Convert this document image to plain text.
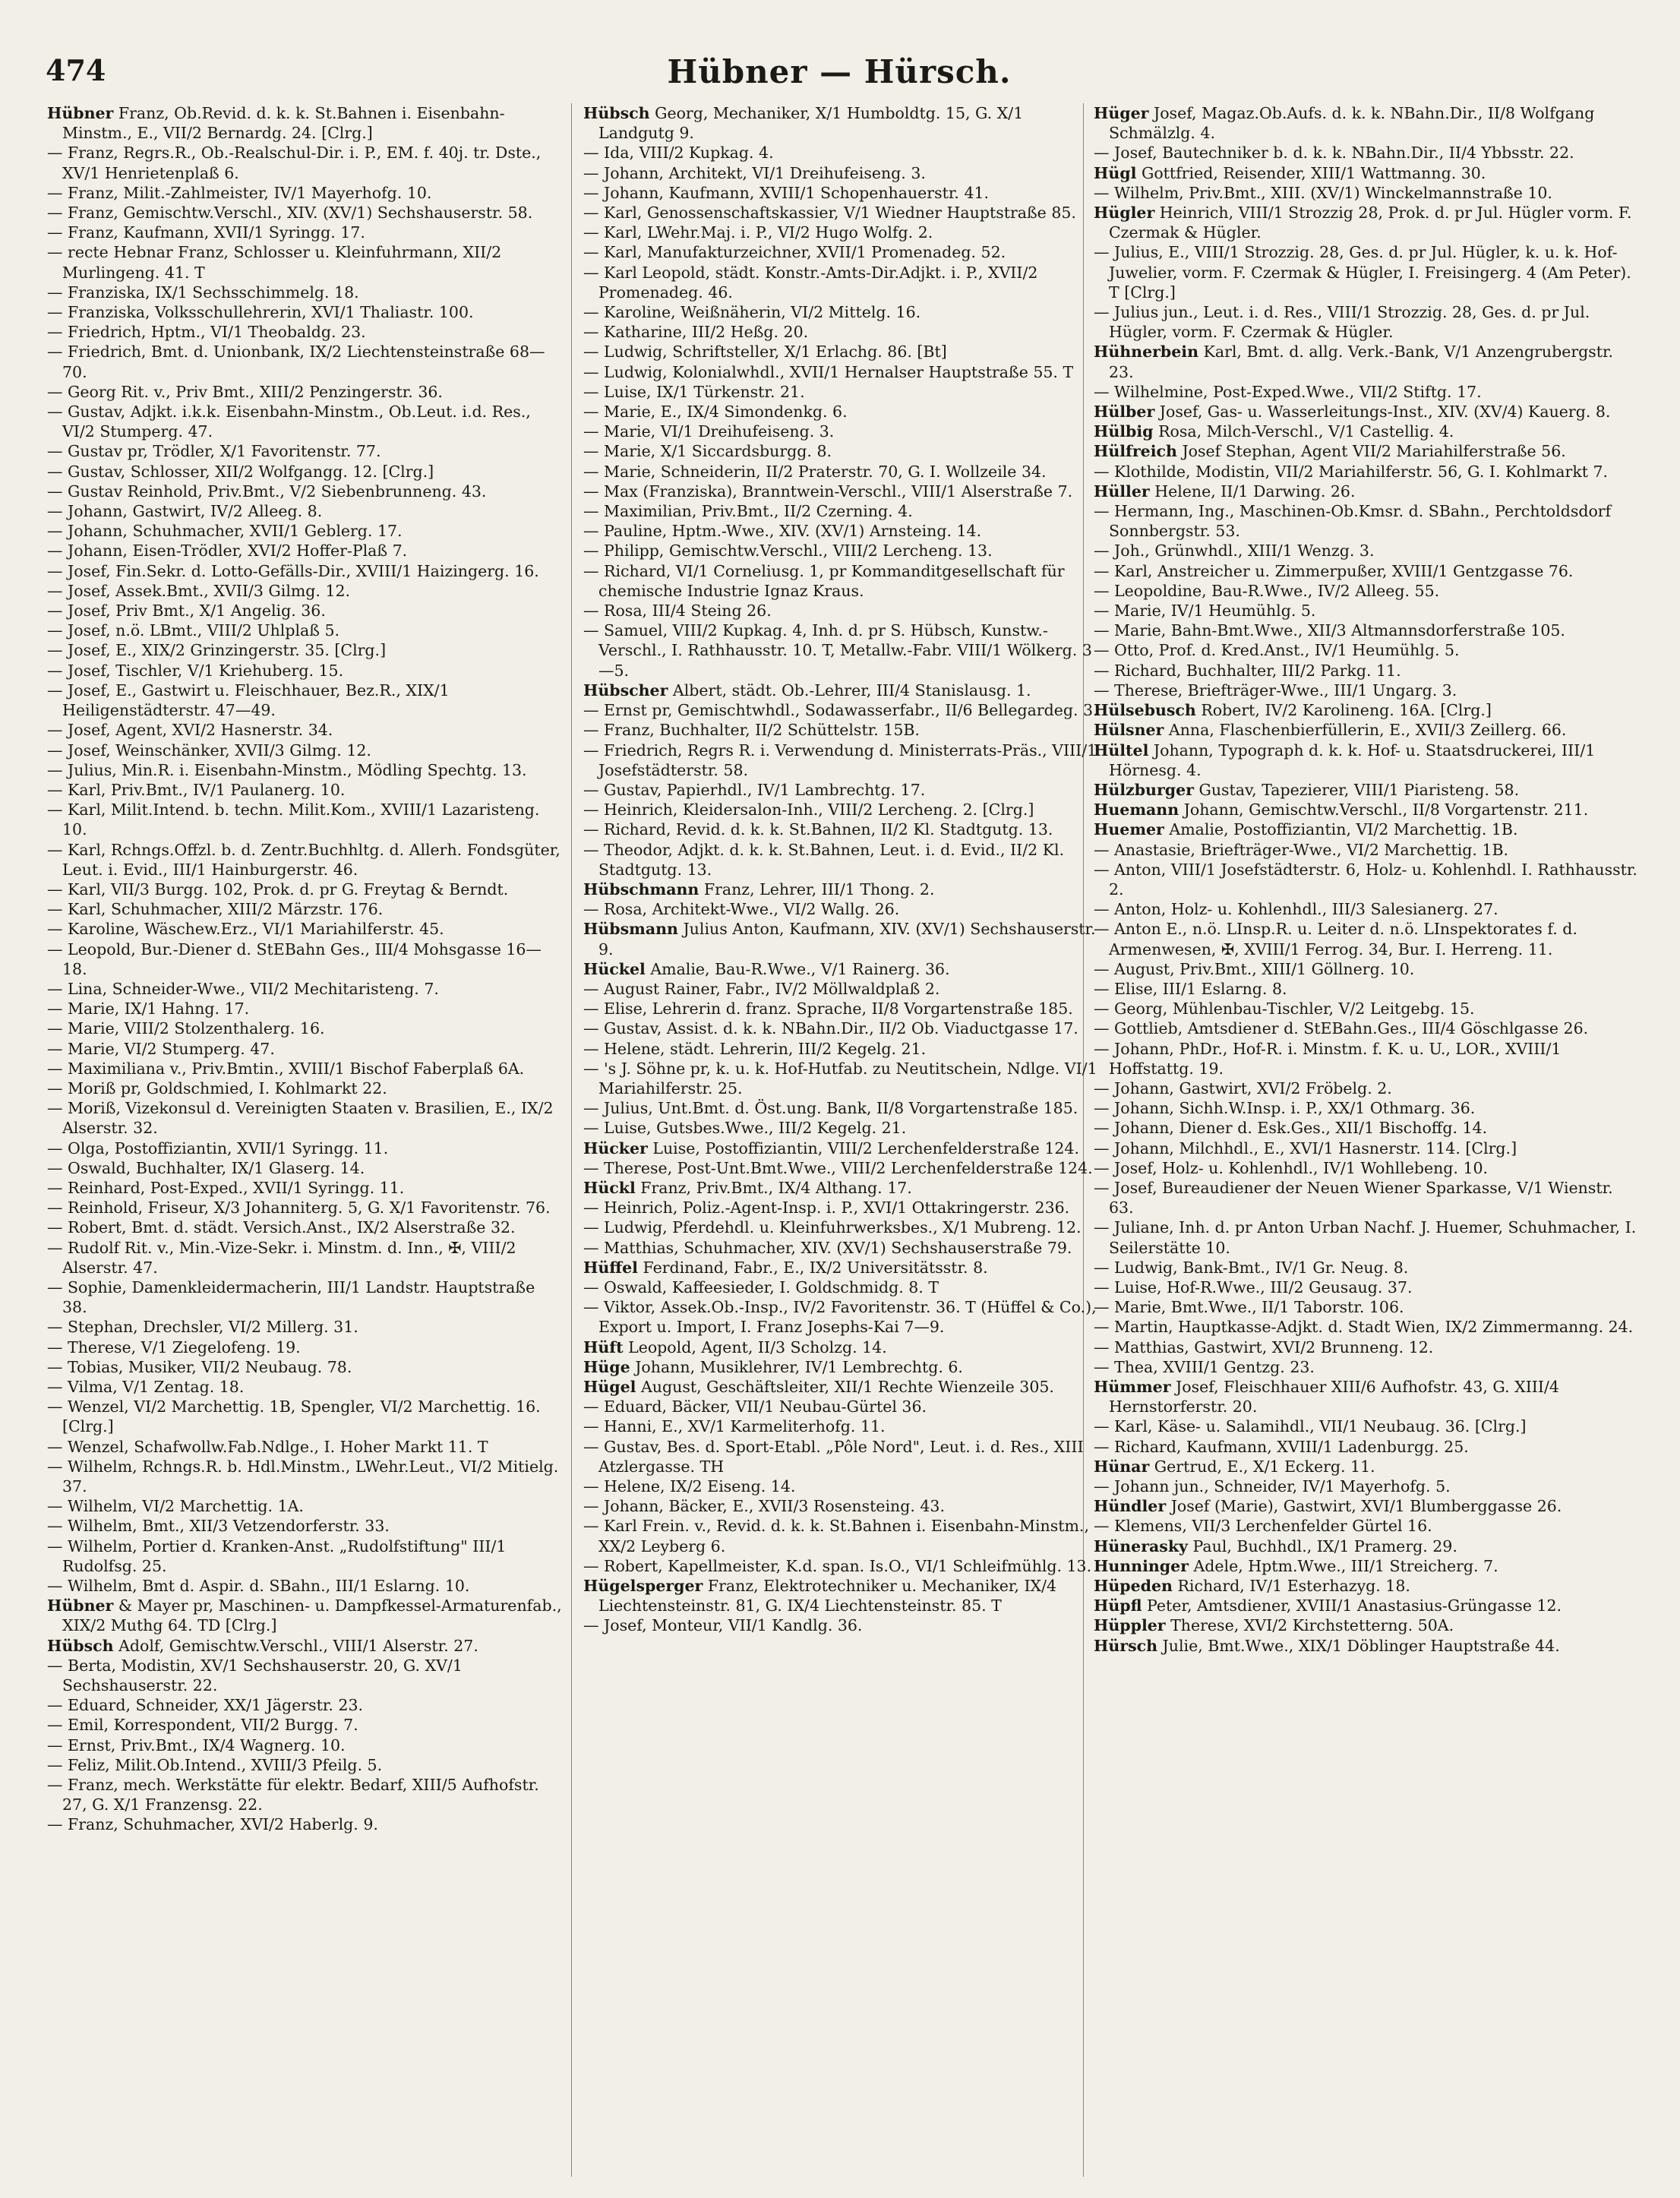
474	Hübner — Hürsch.
Hübner Franz, Ob.Revid. d. k. k. St.Bahnen i. Eisenbahn-Minstm., E., VII/2 Bernardg. 24. [Clrg.]
— Franz, Regrs.R., Ob.-Realschul-Dir. i. P., EM. f. 40j. tr. Dste., XV/1 Henrietenplaß 6.
— Franz, Milit.-Zahlmeister, IV/1 Mayerhofg. 10.
— Franz, Gemischtw.Verschl., XIV. (XV/1) Sechshauserstr. 58.
— Franz, Kaufmann, XVII/1 Syringg. 17.
— recte Hebnar Franz, Schlosser u. Kleinfuhrmann, XII/2 Murlingeng. 41. T
— Franziska, IX/1 Sechsschimmelg. 18.
— Franziska, Volksschullehrerin, XVI/1 Thaliastr. 100.
— Friedrich, Hptm., VI/1 Theobaldg. 23.
— Friedrich, Bmt. d. Unionbank, IX/2 Liechtensteinstraße 68—70.
— Georg Rit. v., Priv Bmt., XIII/2 Penzingerstr. 36.
— Gustav, Adjkt. i.k.k. Eisenbahn-Minstm., Ob.Leut. i.d. Res., VI/2 Stumperg. 47.
— Gustav pr, Trödler, X/1 Favoritenstr. 77.
— Gustav, Schlosser, XII/2 Wolfgangg. 12. [Clrg.]
— Gustav Reinhold, Priv.Bmt., V/2 Siebenbrunneng. 43.
— Johann, Gastwirt, IV/2 Alleeg. 8.
— Johann, Schuhmacher, XVII/1 Geblerg. 17.
— Johann, Eisen-Trödler, XVI/2 Hoffer-Plaß 7.
— Josef, Fin.Sekr. d. Lotto-Gefälls-Dir., XVIII/1 Haizingerg. 16.
— Josef, Assek.Bmt., XVII/3 Gilmg. 12.
— Josef, Priv Bmt., X/1 Angelig. 36.
— Josef, n.ö. LBmt., VIII/2 Uhlplaß 5.
— Josef, E., XIX/2 Grinzingerstr. 35. [Clrg.]
— Josef, Tischler, V/1 Kriehuberg. 15.
— Josef, E., Gastwirt u. Fleischhauer, Bez.R., XIX/1 Heiligenstädterstr. 47—49.
— Josef, Agent, XVI/2 Hasnerstr. 34.
— Josef, Weinschänker, XVII/3 Gilmg. 12.
— Julius, Min.R. i. Eisenbahn-Minstm., Mödling Spechtg. 13.
— Karl, Priv.Bmt., IV/1 Paulanerg. 10.
— Karl, Milit.Intend. b. techn. Milit.Kom., XVIII/1 Lazaristeng. 10.
— Karl, Rchngs.Offzl. b. d. Zentr.Buchhltg. d. Allerh. Fondsgüter, Leut. i. Evid., III/1 Hainburgerstr. 46.
— Karl, VII/3 Burgg. 102, Prok. d. pr G. Freytag & Berndt.
— Karl, Schuhmacher, XIII/2 Märzstr. 176.
— Karoline, Wäschew.Erz., VI/1 Mariahilferstr. 45.
— Leopold, Bur.-Diener d. StEBahn Ges., III/4 Mohsgasse 16—18.
— Lina, Schneider-Wwe., VII/2 Mechitaristeng. 7.
— Marie, IX/1 Hahng. 17.
— Marie, VIII/2 Stolzenthalerg. 16.
— Marie, VI/2 Stumperg. 47.
— Maximiliana v., Priv.Bmtin., XVIII/1 Bischof Faberplaß 6A.
— Moriß pr, Goldschmied, I. Kohlmarkt 22.
— Moriß, Vizekonsul d. Vereinigten Staaten v. Brasilien, E., IX/2 Alserstr. 32.
— Olga, Postoffiziantin, XVII/1 Syringg. 11.
— Oswald, Buchhalter, IX/1 Glaserg. 14.
— Reinhard, Post-Exped., XVII/1 Syringg. 11.
— Reinhold, Friseur, X/3 Johanniterg. 5, G. X/1 Favoritenstr. 76.
— Robert, Bmt. d. städt. Versich.Anst., IX/2 Alserstraße 32.
— Rudolf Rit. v., Min.-Vize-Sekr. i. Minstm. d. Inn., ✠, VIII/2 Alserstr. 47.
— Sophie, Damenkleidermacherin, III/1 Landstr. Hauptstraße 38.
— Stephan, Drechsler, VI/2 Millerg. 31.
— Therese, V/1 Ziegelofeng. 19.
— Tobias, Musiker, VII/2 Neubaug. 78.
— Vilma, V/1 Zentag. 18.
— Wenzel, VI/2 Marchettig. 1B, Spengler, VI/2 Marchettig. 16. [Clrg.]
— Wenzel, Schafwollw.Fab.Ndlge., I. Hoher Markt 11. T
— Wilhelm, Rchngs.R. b. Hdl.Minstm., LWehr.Leut., VI/2 Mitielg. 37.
— Wilhelm, VI/2 Marchettig. 1A.
— Wilhelm, Bmt., XII/3 Vetzendorferstr. 33.
— Wilhelm, Portier d. Kranken-Anst. „Rudolfstiftung" III/1 Rudolfsg. 25.
— Wilhelm, Bmt d. Aspir. d. SBahn., III/1 Eslarng. 10.
Hübner & Mayer pr, Maschinen- u. Dampfkessel-Armaturenfab., XIX/2 Muthg 64. TD [Clrg.]
Hübsch Adolf, Gemischtw.Verschl., VIII/1 Alserstr. 27.
— Berta, Modistin, XV/1 Sechshauserstr. 20, G. XV/1 Sechshauserstr. 22.
— Eduard, Schneider, XX/1 Jägerstr. 23.
— Emil, Korrespondent, VII/2 Burgg. 7.
— Ernst, Priv.Bmt., IX/4 Wagnerg. 10.
— Feliz, Milit.Ob.Intend., XVIII/3 Pfeilg. 5.
— Franz, mech. Werkstätte für elektr. Bedarf, XIII/5 Aufhofstr. 27, G. X/1 Franzensg. 22.
— Franz, Schuhmacher, XVI/2 Haberlg. 9.
Hübsch Georg, Mechaniker, X/1 Humboldtg. 15, G. X/1 Landgutg 9.
— Ida, VIII/2 Kupkag. 4.
— Johann, Architekt, VI/1 Dreihufeiseng. 3.
— Johann, Kaufmann, XVIII/1 Schopenhauerstr. 41.
— Karl, Genossenschaftskassier, V/1 Wiedner Hauptstraße 85.
— Karl, LWehr.Maj. i. P., VI/2 Hugo Wolfg. 2.
— Karl, Manufakturzeichner, XVII/1 Promenadeg. 52.
— Karl Leopold, städt. Konstr.-Amts-Dir.Adjkt. i. P., XVII/2 Promenadeg. 46.
— Karoline, Weißnäherin, VI/2 Mittelg. 16.
— Katharine, III/2 Heßg. 20.
— Ludwig, Schriftsteller, X/1 Erlachg. 86. [Bt]
— Ludwig, Kolonialwhdl., XVII/1 Hernalser Hauptstraße 55. T
— Luise, IX/1 Türkenstr. 21.
— Marie, E., IX/4 Simondenkg. 6.
— Marie, VI/1 Dreihufeiseng. 3.
— Marie, X/1 Siccardsburgg. 8.
— Marie, Schneiderin, II/2 Praterstr. 70, G. I. Wollzeile 34.
— Max (Franziska), Branntwein-Verschl., VIII/1 Alserstraße 7.
— Maximilian, Priv.Bmt., II/2 Czerning. 4.
— Pauline, Hptm.-Wwe., XIV. (XV/1) Arnsteing. 14.
— Philipp, Gemischtw.Verschl., VIII/2 Lercheng. 13.
— Richard, VI/1 Corneliusg. 1, pr Kommanditgesellschaft für chemische Industrie Ignaz Kraus.
— Rosa, III/4 Steing 26.
— Samuel, VIII/2 Kupkag. 4, Inh. d. pr S. Hübsch, Kunstw.-Verschl., I. Rathhausstr. 10. T, Metallw.-Fabr. VIII/1 Wölkerg. 3—5.
Hübscher Albert, städt. Ob.-Lehrer, III/4 Stanislausg. 1.
— Ernst pr, Gemischtwhdl., Sodawasserfabr., II/6 Bellegardeg. 3.
— Franz, Buchhalter, II/2 Schüttelstr. 15B.
— Friedrich, Regrs R. i. Verwendung d. Ministerrats-Präs., VIII/1 Josefstädterstr. 58.
— Gustav, Papierhdl., IV/1 Lambrechtg. 17.
— Heinrich, Kleidersalon-Inh., VIII/2 Lercheng. 2. [Clrg.]
— Richard, Revid. d. k. k. St.Bahnen, II/2 Kl. Stadtgutg. 13.
— Theodor, Adjkt. d. k. k. St.Bahnen, Leut. i. d. Evid., II/2 Kl. Stadtgutg. 13.
Hübschmann Franz, Lehrer, III/1 Thong. 2.
— Rosa, Architekt-Wwe., VI/2 Wallg. 26.
Hübsmann Julius Anton, Kaufmann, XIV. (XV/1) Sechshauserstr. 9.
Hückel Amalie, Bau-R.Wwe., V/1 Rainerg. 36.
— August Rainer, Fabr., IV/2 Möllwaldplaß 2.
— Elise, Lehrerin d. franz. Sprache, II/8 Vorgartenstraße 185.
— Gustav, Assist. d. k. k. NBahn.Dir., II/2 Ob. Viaductgasse 17.
— Helene, städt. Lehrerin, III/2 Kegelg. 21.
— 's J. Söhne pr, k. u. k. Hof-Hutfab. zu Neutitschein, Ndlge. VI/1 Mariahilferstr. 25.
— Julius, Unt.Bmt. d. Öst.ung. Bank, II/8 Vorgartenstraße 185.
— Luise, Gutsbes.Wwe., III/2 Kegelg. 21.
Hücker Luise, Postoffiziantin, VIII/2 Lerchenfelderstraße 124.
— Therese, Post-Unt.Bmt.Wwe., VIII/2 Lerchenfelderstraße 124.
Hückl Franz, Priv.Bmt., IX/4 Althang. 17.
— Heinrich, Poliz.-Agent-Insp. i. P., XVI/1 Ottakringerstr. 236.
— Ludwig, Pferdehdl. u. Kleinfuhrwerksbes., X/1 Mubreng. 12.
— Matthias, Schuhmacher, XIV. (XV/1) Sechshauserstraße 79.
Hüffel Ferdinand, Fabr., E., IX/2 Universitätsstr. 8.
— Oswald, Kaffeesieder, I. Goldschmidg. 8. T
— Viktor, Assek.Ob.-Insp., IV/2 Favoritenstr. 36. T (Hüffel & Co.), Export u. Import, I. Franz Josephs-Kai 7—9.
Hüft Leopold, Agent, II/3 Scholzg. 14.
Hüge Johann, Musiklehrer, IV/1 Lembrechtg. 6.
Hügel August, Geschäftsleiter, XII/1 Rechte Wienzeile 305.
— Eduard, Bäcker, VII/1 Neubau-Gürtel 36.
— Hanni, E., XV/1 Karmeliterhofg. 11.
— Gustav, Bes. d. Sport-Etabl. „Pôle Nord", Leut. i. d. Res., XIII Atzlergasse. TH
— Helene, IX/2 Eiseng. 14.
— Johann, Bäcker, E., XVII/3 Rosensteing. 43.
— Karl Frein. v., Revid. d. k. k. St.Bahnen i. Eisenbahn-Minstm., XX/2 Leyberg 6.
— Robert, Kapellmeister, K.d. span. Is.O., VI/1 Schleifmühlg. 13.
Hügelsperger Franz, Elektrotechniker u. Mechaniker, IX/4 Liechtensteinstr. 81, G. IX/4 Liechtensteinstr. 85. T
— Josef, Monteur, VII/1 Kandlg. 36.
Hüger Josef, Magaz.Ob.Aufs. d. k. k. NBahn.Dir., II/8 Wolfgang Schmälzlg. 4.
— Josef, Bautechniker b. d. k. k. NBahn.Dir., II/4 Ybbsstr. 22.
Hügl Gottfried, Reisender, XIII/1 Wattmanng. 30.
— Wilhelm, Priv.Bmt., XIII. (XV/1) Winckelmannstraße 10.
Hügler Heinrich, VIII/1 Strozzig 28, Prok. d. pr Jul. Hügler vorm. F. Czermak & Hügler.
— Julius, E., VIII/1 Strozzig. 28, Ges. d. pr Jul. Hügler, k. u. k. Hof-Juwelier, vorm. F. Czermak & Hügler, I. Freisingerg. 4 (Am Peter). T [Clrg.]
— Julius jun., Leut. i. d. Res., VIII/1 Strozzig. 28, Ges. d. pr Jul. Hügler, vorm. F. Czermak & Hügler.
Hühnerbein Karl, Bmt. d. allg. Verk.-Bank, V/1 Anzengrubergstr. 23.
— Wilhelmine, Post-Exped.Wwe., VII/2 Stiftg. 17.
Hülber Josef, Gas- u. Wasserleitungs-Inst., XIV. (XV/4) Kauerg. 8.
Hülbig Rosa, Milch-Verschl., V/1 Castellig. 4.
Hülfreich Josef Stephan, Agent VII/2 Mariahilferstraße 56.
— Klothilde, Modistin, VII/2 Mariahilferstr. 56, G. I. Kohlmarkt 7.
Hüller Helene, II/1 Darwing. 26.
— Hermann, Ing., Maschinen-Ob.Kmsr. d. SBahn., Perchtoldsdorf Sonnbergstr. 53.
— Joh., Grünwhdl., XIII/1 Wenzg. 3.
— Karl, Anstreicher u. Zimmerpußer, XVIII/1 Gentzgasse 76.
— Leopoldine, Bau-R.Wwe., IV/2 Alleeg. 55.
— Marie, IV/1 Heumühlg. 5.
— Marie, Bahn-Bmt.Wwe., XII/3 Altmannsdorferstraße 105.
— Otto, Prof. d. Kred.Anst., IV/1 Heumühlg. 5.
— Richard, Buchhalter, III/2 Parkg. 11.
— Therese, Briefträger-Wwe., III/1 Ungarg. 3.
Hülsebusch Robert, IV/2 Karolineng. 16A. [Clrg.]
Hülsner Anna, Flaschenbierfüllerin, E., XVII/3 Zeillerg. 66.
Hültel Johann, Typograph d. k. k. Hof- u. Staatsdruckerei, III/1 Hörnesg. 4.
Hülzburger Gustav, Tapezierer, VIII/1 Piaristeng. 58.
Huemann Johann, Gemischtw.Verschl., II/8 Vorgartenstr. 211.
Huemer Amalie, Postoffiziantin, VI/2 Marchettig. 1B.
— Anastasie, Briefträger-Wwe., VI/2 Marchettig. 1B.
— Anton, VIII/1 Josefstädterstr. 6, Holz- u. Kohlenhdl. I. Rathhausstr. 2.
— Anton, Holz- u. Kohlenhdl., III/3 Salesianerg. 27.
— Anton E., n.ö. LInsp.R. u. Leiter d. n.ö. LInspektorates f. d. Armenwesen, ✠, XVIII/1 Ferrog. 34, Bur. I. Herreng. 11.
— August, Priv.Bmt., XIII/1 Göllnerg. 10.
— Elise, III/1 Eslarng. 8.
— Georg, Mühlenbau-Tischler, V/2 Leitgebg. 15.
— Gottlieb, Amtsdiener d. StEBahn.Ges., III/4 Göschlgasse 26.
— Johann, PhDr., Hof-R. i. Minstm. f. K. u. U., LOR., XVIII/1 Hoffstattg. 19.
— Johann, Gastwirt, XVI/2 Fröbelg. 2.
— Johann, Sichh.W.Insp. i. P., XX/1 Othmarg. 36.
— Johann, Diener d. Esk.Ges., XII/1 Bischoffg. 14.
— Johann, Milchhdl., E., XVI/1 Hasnerstr. 114. [Clrg.]
— Josef, Holz- u. Kohlenhdl., IV/1 Wohllebeng. 10.
— Josef, Bureaudiener der Neuen Wiener Sparkasse, V/1 Wienstr. 63.
— Juliane, Inh. d. pr Anton Urban Nachf. J. Huemer, Schuhmacher, I. Seilerstätte 10.
— Ludwig, Bank-Bmt., IV/1 Gr. Neug. 8.
— Luise, Hof-R.Wwe., III/2 Geusaug. 37.
— Marie, Bmt.Wwe., II/1 Taborstr. 106.
— Martin, Hauptkasse-Adjkt. d. Stadt Wien, IX/2 Zimmermanng. 24.
— Matthias, Gastwirt, XVI/2 Brunneng. 12.
— Thea, XVIII/1 Gentzg. 23.
Hümmer Josef, Fleischhauer XIII/6 Aufhofstr. 43, G. XIII/4 Hernstorferstr. 20.
— Karl, Käse- u. Salamihdl., VII/1 Neubaug. 36. [Clrg.]
— Richard, Kaufmann, XVIII/1 Ladenburgg. 25.
Hünar Gertrud, E., X/1 Eckerg. 11.
— Johann jun., Schneider, IV/1 Mayerhofg. 5.
Hündler Josef (Marie), Gastwirt, XVI/1 Blumberggasse 26.
— Klemens, VII/3 Lerchenfelder Gürtel 16.
Hünerasky Paul, Buchhdl., IX/1 Pramerg. 29.
Hunninger Adele, Hptm.Wwe., III/1 Streicherg. 7.
Hüpeden Richard, IV/1 Esterhazyg. 18.
Hüpfl Peter, Amtsdiener, XVIII/1 Anastasius-Grüngasse 12.
Hüppler Therese, XVI/2 Kirchstetterng. 50A.
Hürsch Julie, Bmt.Wwe., XIX/1 Döblinger Hauptstraße 44.
